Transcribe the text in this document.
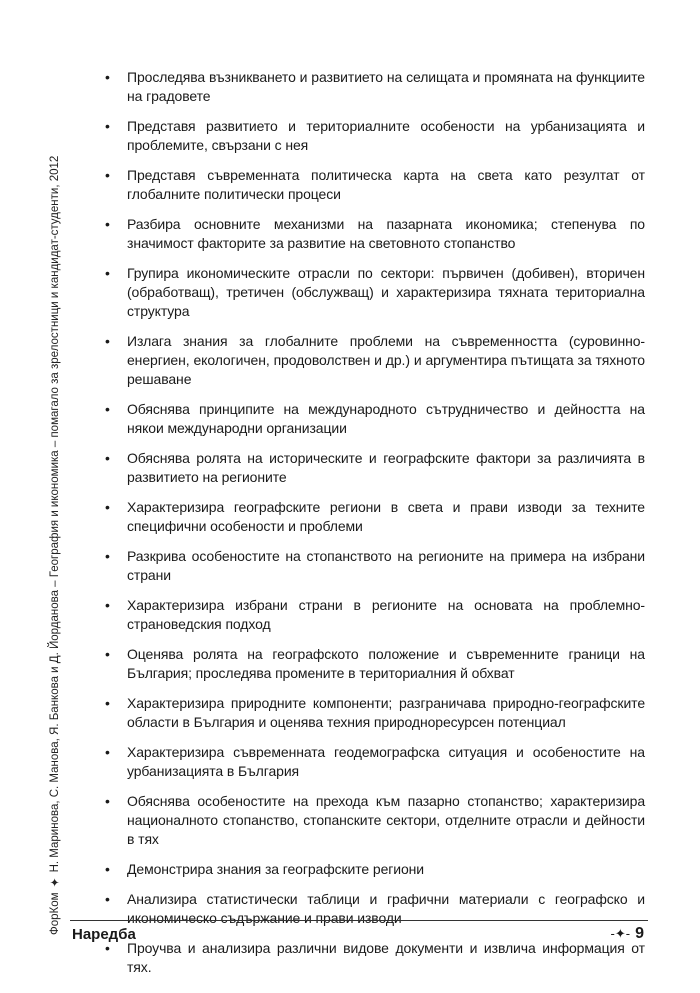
ФорКом
✦
Н. Маринова, С. Манова, Я. Банкова и Д. Йорданова – География и икономика – помагало за зрелостници и кандидат-студенти, 2012
• Проследява възникването и развитието на селищата и промяната на функциите на градовете
• Представя развитието и териториалните особености на урбанизацията и проблемите, свързани с нея
• Представя съвременната политическа карта на света като резултат от глобалните политически процеси
• Разбира основните механизми на пазарната икономика; степенува по значимост факторите за развитие на световното стопанство
• Групира икономическите отрасли по сектори: първичен (добивен), вторичен (обработващ), третичен (обслужващ) и характеризира тяхната териториална структура
• Излага знания за глобалните проблеми на съвременността (суровинно-енергиен, екологичен, продоволствен и др.) и аргументира пътищата за тяхното решаване
• Обяснява принципите на международното сътрудничество и дейността на някои международни организации
• Обяснява ролята на историческите и географските фактори за различията в развитието на регионите
• Характеризира географските региони в света и прави изводи за техните специфични особености и проблеми
• Разкрива особеностите на стопанството на регионите на примера на избрани страни
• Характеризира избрани страни в регионите на основата на проблемно-страноведския подход
• Оценява ролята на географското положение и съвременните граници на България; проследява промените в териториалния й обхват
• Характеризира природните компоненти; разграничава природно-географските области в България и оценява техния природноресурсен потенциал
• Характеризира съвременната геодемографска ситуация и особеностите на урбанизацията в България
• Обяснява особеностите на прехода към пазарно стопанство; характеризира националното стопанство, стопанските сектори, отделните отрасли и дейности в тях
• Демонстрира знания за географските региони
• Анализира статистически таблици и графични материали с географско и икономическо съдържание и прави изводи
• Проучва и анализира различни видове документи и извлича информация от тях.
Наредба	-✦- 9
